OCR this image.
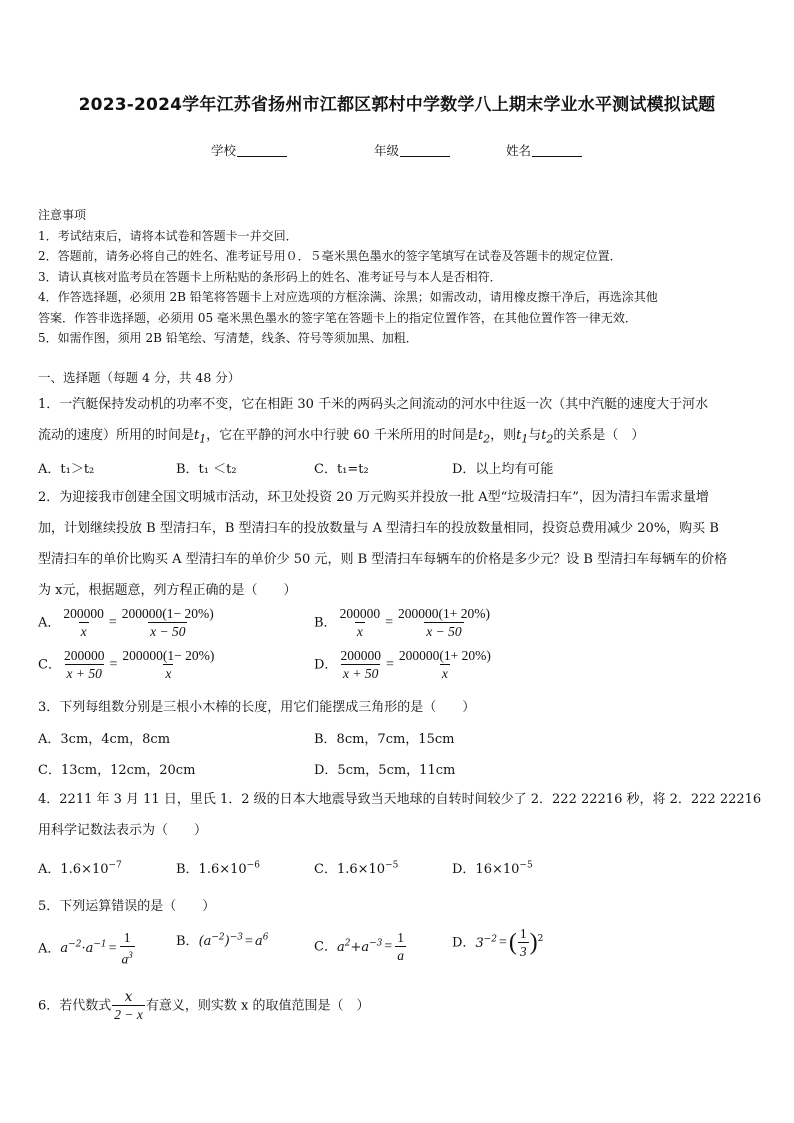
2023-2024学年江苏省扬州市江都区郭村中学数学八上期末学业水平测试模拟试题
学校	年级	姓名
注意事项
1．考试结束后，请将本试卷和答题卡一并交回．
2．答题前，请务必将自己的姓名、准考证号用０．５毫米黑色墨水的签字笔填写在试卷及答题卡的规定位置．
3．请认真核对监考员在答题卡上所粘贴的条形码上的姓名、准考证号与本人是否相符．
4．作答选择题，必须用 2B 铅笔将答题卡上对应选项的方框涂满、涂黑；如需改动，请用橡皮擦干净后，再选涂其他
答案．作答非选择题，必须用 05 毫米黑色墨水的签字笔在答题卡上的指定位置作答，在其他位置作答一律无效．
5．如需作图，须用 2B 铅笔绘、写清楚，线条、符号等须加黑、加粗．
一、选择题（每题 4 分，共 48 分）
1．一汽艇保持发动机的功率不变，它在相距 30 千米的两码头之间流动的河水中往返一次（其中汽艇的速度大于河水
流动的速度）所用的时间是$t_1$，它在平静的河水中行驶 60 千米所用的时间是$t_2$，则$t_1$与$t_2$的关系是（　）
A．t₁＞t₂	B．t₁ ＜t₂	C．t₁=t₂	D．以上均有可能
2．为迎接我市创建全国文明城市活动，环卫处投资 20 万元购买并投放一批 A型“垃圾清扫车”，因为清扫车需求量增
加，计划继续投放 B 型清扫车，B 型清扫车的投放数量与 A 型清扫车的投放数量相同，投资总费用减少 20%，购买 B
型清扫车的单价比购买 A 型清扫车的单价少 50 元，则 B 型清扫车每辆车的价格是多少元？设 B 型清扫车每辆车的价格
为 x元，根据题意，列方程正确的是（　　）
A． $\frac{200000}{x} = \frac{200000(1- 20\%)}{x - 50}$	B． $\frac{200000}{x} = \frac{200000(1+ 20\%)}{x - 50}$
C． $\frac{200000}{x + 50} = \frac{200000(1- 20\%)}{x}$	D． $\frac{200000}{x + 50} = \frac{200000(1+ 20\%)}{x}$
3．下列每组数分别是三根小木棒的长度，用它们能摆成三角形的是（　　）
A．3cm，4cm，8cm	B．8cm，7cm，15cm
C．13cm，12cm，20cm	D．5cm，5cm，11cm
4．2211 年 3 月 11 日，里氏 1．2 级的日本大地震导致当天地球的自转时间较少了 2．222 22216 秒，将 2．222 22216
用科学记数法表示为（　　）
A．$1.6\times 10^{-7}$	B．$1.6\times 10^{-6}$	C．$1.6\times 10^{-5}$	D．$16\times 10^{-5}$
5．下列运算错误的是（　　）
A．$a^{-2}\cdot a^{-1} = \frac{1}{a^3}$	B．$(a^{-2})^{-3} = a^6$
C．$a^2+a^{-3} = \frac{1}{a}$	D．$3^{-2}$ =( $\frac{1}{3} )^2$
6．若代数式 $\frac{x}{2 - x}$ 有意义，则实数 x 的取值范围是（　）
